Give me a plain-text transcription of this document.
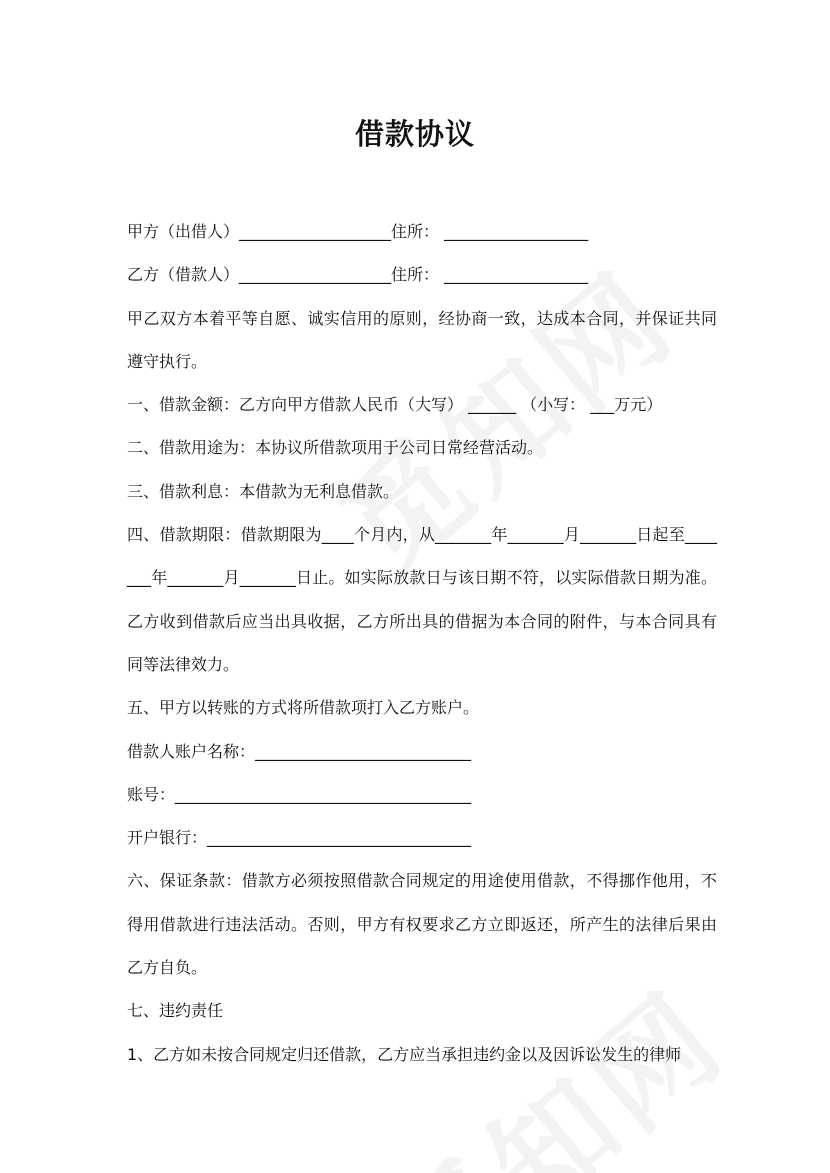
借款协议
甲方（出借人）___________________住所： __________________
乙方（借款人）___________________住所： __________________
甲乙双方本着平等自愿、诚实信用的原则，经协商一致，达成本合同，并保证共同遵守执行。
一、借款金额：乙方向甲方借款人民币（大写） ______ （小写： ___万元）
二、借款用途为：本协议所借款项用于公司日常经营活动。
三、借款利息：本借款为无利息借款。
四、借款期限：借款期限为____个月内，从_______年_______月_______日起至_______年_______月_______日止。如实际放款日与该日期不符，以实际借款日期为准。乙方收到借款后应当出具收据，乙方所出具的借据为本合同的附件，与本合同具有同等法律效力。
五、甲方以转账的方式将所借款项打入乙方账户。
借款人账户名称：___________________________
账号：_____________________________________
开户银行：_________________________________
六、保证条款：借款方必须按照借款合同规定的用途使用借款，不得挪作他用，不得用借款进行违法活动。否则，甲方有权要求乙方立即返还，所产生的法律后果由乙方自负。
七、违约责任
1、乙方如未按合同规定归还借款，乙方应当承担违约金以及因诉讼发生的律师
